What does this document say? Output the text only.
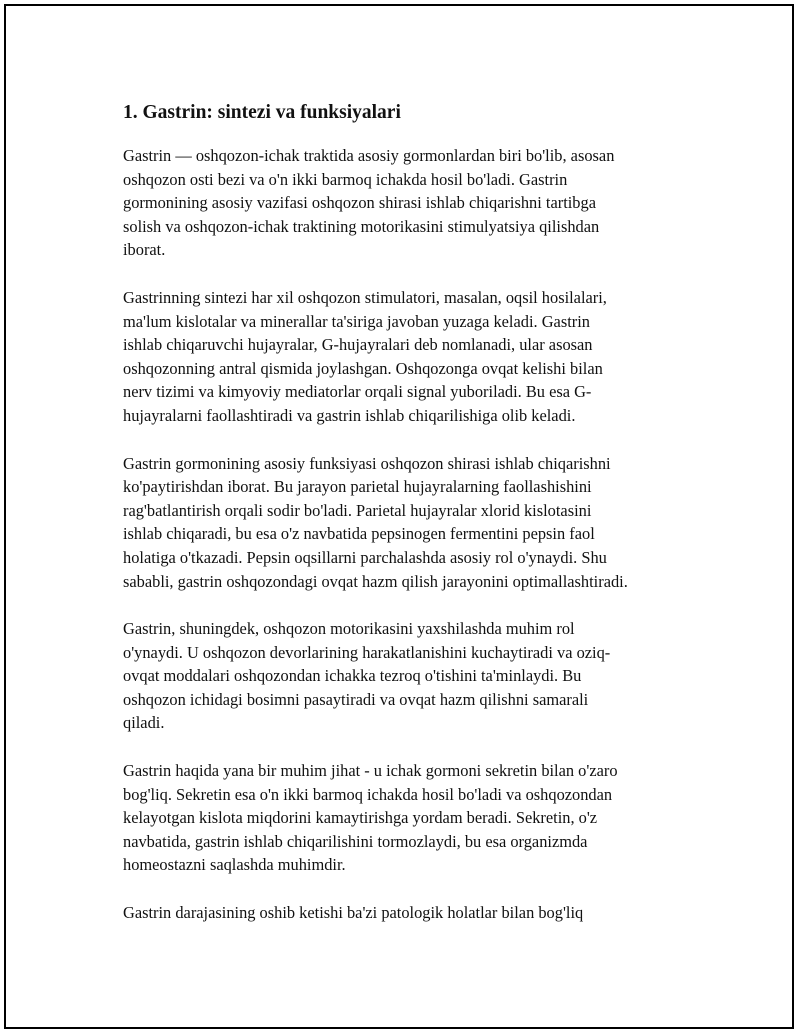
1. Gastrin: sintezi va funksiyalari

Gastrin — oshqozon-ichak traktida asosiy gormonlardan biri bo'lib, asosan
oshqozon osti bezi va o'n ikki barmoq ichakda hosil bo'ladi. Gastrin
gormonining asosiy vazifasi oshqozon shirasi ishlab chiqarishni tartibga
solish va oshqozon-ichak traktining motorikasini stimulyatsiya qilishdan
iborat.

Gastrinning sintezi har xil oshqozon stimulatori, masalan, oqsil hosilalari,
ma'lum kislotalar va minerallar ta'siriga javoban yuzaga keladi. Gastrin
ishlab chiqaruvchi hujayralar, G-hujayralari deb nomlanadi, ular asosan
oshqozonning antral qismida joylashgan. Oshqozonga ovqat kelishi bilan
nerv tizimi va kimyoviy mediatorlar orqali signal yuboriladi. Bu esa G-
hujayralarni faollashtiradi va gastrin ishlab chiqarilishiga olib keladi.

Gastrin gormonining asosiy funksiyasi oshqozon shirasi ishlab chiqarishni
ko'paytirishdan iborat. Bu jarayon parietal hujayralarning faollashishini
rag'batlantirish orqali sodir bo'ladi. Parietal hujayralar xlorid kislotasini
ishlab chiqaradi, bu esa o'z navbatida pepsinogen fermentini pepsin faol
holatiga o'tkazadi. Pepsin oqsillarni parchalashda asosiy rol o'ynaydi. Shu
sababli, gastrin oshqozondagi ovqat hazm qilish jarayonini optimallashtiradi.

Gastrin, shuningdek, oshqozon motorikasini yaxshilashda muhim rol
o'ynaydi. U oshqozon devorlarining harakatlanishini kuchaytiradi va oziq-
ovqat moddalari oshqozondan ichakka tezroq o'tishini ta'minlaydi. Bu
oshqozon ichidagi bosimni pasaytiradi va ovqat hazm qilishni samarali
qiladi.

Gastrin haqida yana bir muhim jihat - u ichak gormoni sekretin bilan o'zaro
bog'liq. Sekretin esa o'n ikki barmoq ichakda hosil bo'ladi va oshqozondan
kelayotgan kislota miqdorini kamaytirishga yordam beradi. Sekretin, o'z
navbatida, gastrin ishlab chiqarilishini tormozlaydi, bu esa organizmda
homeostazni saqlashda muhimdir.

Gastrin darajasining oshib ketishi ba'zi patologik holatlar bilan bog'liq
